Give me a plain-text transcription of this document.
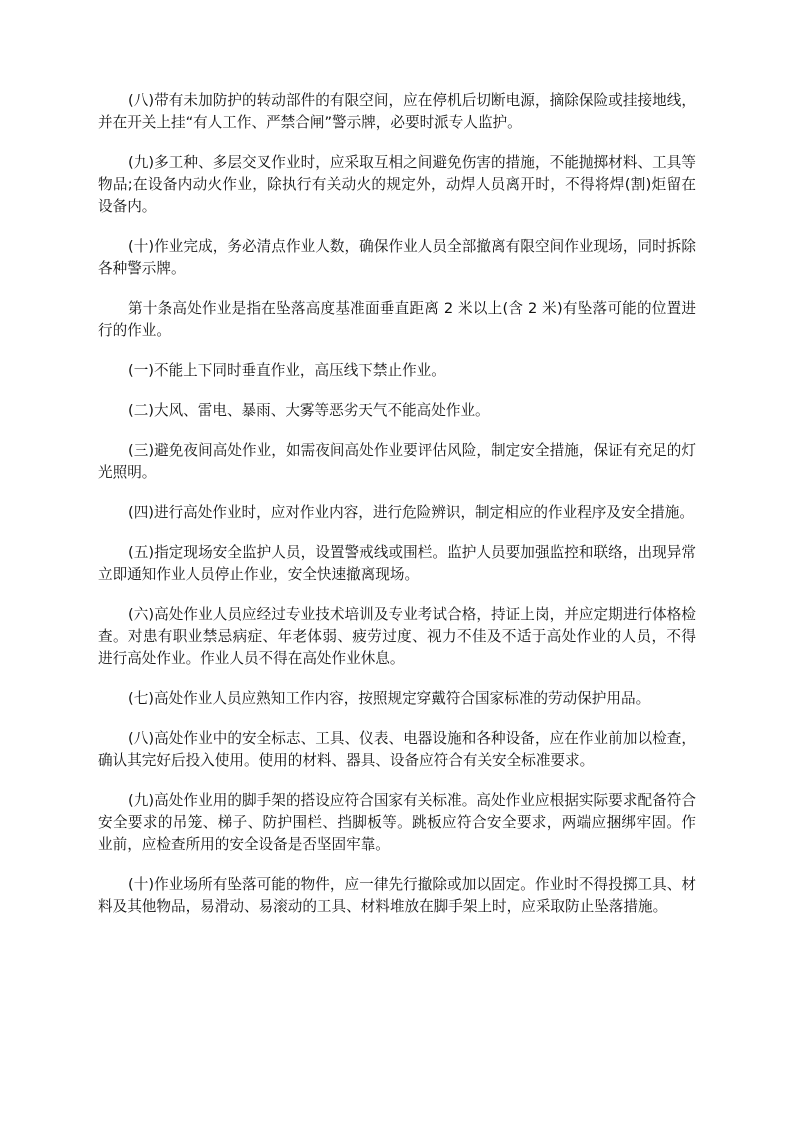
(八)带有未加防护的转动部件的有限空间，应在停机后切断电源，摘除保险或挂接地线，并在开关上挂“有人工作、严禁合闸”警示牌，必要时派专人监护。

(九)多工种、多层交叉作业时，应采取互相之间避免伤害的措施，不能抛掷材料、工具等物品;在设备内动火作业，除执行有关动火的规定外，动焊人员离开时，不得将焊(割)炬留在设备内。

(十)作业完成，务必清点作业人数，确保作业人员全部撤离有限空间作业现场，同时拆除各种警示牌。

第十条高处作业是指在坠落高度基准面垂直距离 2 米以上(含 2 米)有坠落可能的位置进行的作业。

(一)不能上下同时垂直作业，高压线下禁止作业。

(二)大风、雷电、暴雨、大雾等恶劣天气不能高处作业。

(三)避免夜间高处作业，如需夜间高处作业要评估风险，制定安全措施，保证有充足的灯光照明。

(四)进行高处作业时，应对作业内容，进行危险辨识，制定相应的作业程序及安全措施。

(五)指定现场安全监护人员，设置警戒线或围栏。监护人员要加强监控和联络，出现异常立即通知作业人员停止作业，安全快速撤离现场。

(六)高处作业人员应经过专业技术培训及专业考试合格，持证上岗，并应定期进行体格检查。对患有职业禁忌病症、年老体弱、疲劳过度、视力不佳及不适于高处作业的人员，不得进行高处作业。作业人员不得在高处作业休息。

(七)高处作业人员应熟知工作内容，按照规定穿戴符合国家标准的劳动保护用品。

(八)高处作业中的安全标志、工具、仪表、电器设施和各种设备，应在作业前加以检查，确认其完好后投入使用。使用的材料、器具、设备应符合有关安全标准要求。

(九)高处作业用的脚手架的搭设应符合国家有关标准。高处作业应根据实际要求配备符合安全要求的吊笼、梯子、防护围栏、挡脚板等。跳板应符合安全要求，两端应捆绑牢固。作业前，应检查所用的安全设备是否坚固牢靠。

(十)作业场所有坠落可能的物件，应一律先行撤除或加以固定。作业时不得投掷工具、材料及其他物品，易滑动、易滚动的工具、材料堆放在脚手架上时，应采取防止坠落措施。
